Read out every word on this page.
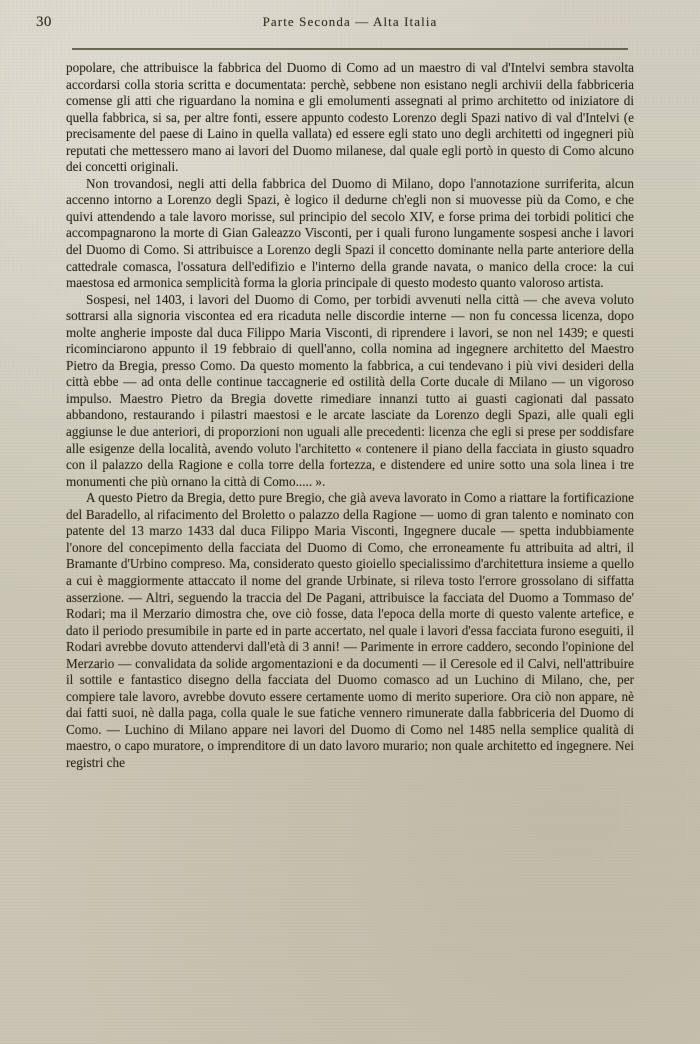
30	Parte Seconda — Alta Italia

popolare, che attribuisce la fabbrica del Duomo di Como ad un maestro di val d'Intelvi sembra stavolta accordarsi colla storia scritta e documentata: perchè, sebbene non esistano negli archivii della fabbriceria comense gli atti che riguardano la nomina e gli emolumenti assegnati al primo architetto od iniziatore di quella fabbrica, si sa, per altre fonti, essere appunto codesto Lorenzo degli Spazi nativo di val d'Intelvi (e precisamente del paese di Laino in quella vallata) ed essere egli stato uno degli architetti od ingegneri più reputati che mettessero mano ai lavori del Duomo milanese, dal quale egli portò in questo di Como alcuno dei concetti originali.

Non trovandosi, negli atti della fabbrica del Duomo di Milano, dopo l'annotazione surriferita, alcun accenno intorno a Lorenzo degli Spazi, è logico il dedurne ch'egli non si muovesse più da Como, e che quivi attendendo a tale lavoro morisse, sul principio del secolo XIV, e forse prima dei torbidi politici che accompagnarono la morte di Gian Galeazzo Visconti, per i quali furono lungamente sospesi anche i lavori del Duomo di Como. Si attribuisce a Lorenzo degli Spazi il concetto dominante nella parte anteriore della cattedrale comasca, l'ossatura dell'edifizio e l'interno della grande navata, o manico della croce: la cui maestosa ed armonica semplicità forma la gloria principale di questo modesto quanto valoroso artista.

Sospesi, nel 1403, i lavori del Duomo di Como, per torbidi avvenuti nella città — che aveva voluto sottrarsi alla signoria viscontea ed era ricaduta nelle discordie interne — non fu concessa licenza, dopo molte angherie imposte dal duca Filippo Maria Visconti, di riprendere i lavori, se non nel 1439; e questi ricominciarono appunto il 19 febbraio di quell'anno, colla nomina ad ingegnere architetto del Maestro Pietro da Bregia, presso Como. Da questo momento la fabbrica, a cui tendevano i più vivi desideri della città ebbe — ad onta delle continue taccagnerie ed ostilità della Corte ducale di Milano — un vigoroso impulso. Maestro Pietro da Bregia dovette rimediare innanzi tutto ai guasti cagionati dal passato abbandono, restaurando i pilastri maestosi e le arcate lasciate da Lorenzo degli Spazi, alle quali egli aggiunse le due anteriori, di proporzioni non uguali alle precedenti: licenza che egli si prese per soddisfare alle esigenze della località, avendo voluto l'architetto « contenere il piano della facciata in giusto squadro con il palazzo della Ragione e colla torre della fortezza, e distendere ed unire sotto una sola linea i tre monumenti che più ornano la città di Como..... ».

A questo Pietro da Bregia, detto pure Bregio, che già aveva lavorato in Como a riattare la fortificazione del Baradello, al rifacimento del Broletto o palazzo della Ragione — uomo di gran talento e nominato con patente del 13 marzo 1433 dal duca Filippo Maria Visconti, Ingegnere ducale — spetta indubbiamente l'onore del concepimento della facciata del Duomo di Como, che erroneamente fu attribuita ad altri, il Bramante d'Urbino compreso. Ma, considerato questo gioiello specialissimo d'architettura insieme a quello a cui è maggiormente attaccato il nome del grande Urbinate, si rileva tosto l'errore grossolano di siffatta asserzione. — Altri, seguendo la traccia del De Pagani, attribuisce la facciata del Duomo a Tommaso de' Rodari; ma il Merzario dimostra che, ove ciò fosse, data l'epoca della morte di questo valente artefice, e dato il periodo presumibile in parte ed in parte accertato, nel quale i lavori d'essa facciata furono eseguiti, il Rodari avrebbe dovuto attendervi dall'età di 3 anni! — Parimente in errore caddero, secondo l'opinione del Merzario — convalidata da solide argomentazioni e da documenti — il Ceresole ed il Calvi, nell'attribuire il sottile e fantastico disegno della facciata del Duomo comasco ad un Luchino di Milano, che, per compiere tale lavoro, avrebbe dovuto essere certamente uomo di merito superiore. Ora ciò non appare, nè dai fatti suoi, nè dalla paga, colla quale le sue fatiche vennero rimunerate dalla fabbriceria del Duomo di Como. — Luchino di Milano appare nei lavori del Duomo di Como nel 1485 nella semplice qualità di maestro, o capo muratore, o imprenditore di un dato lavoro murario; non quale architetto ed ingegnere. Nei registri che
